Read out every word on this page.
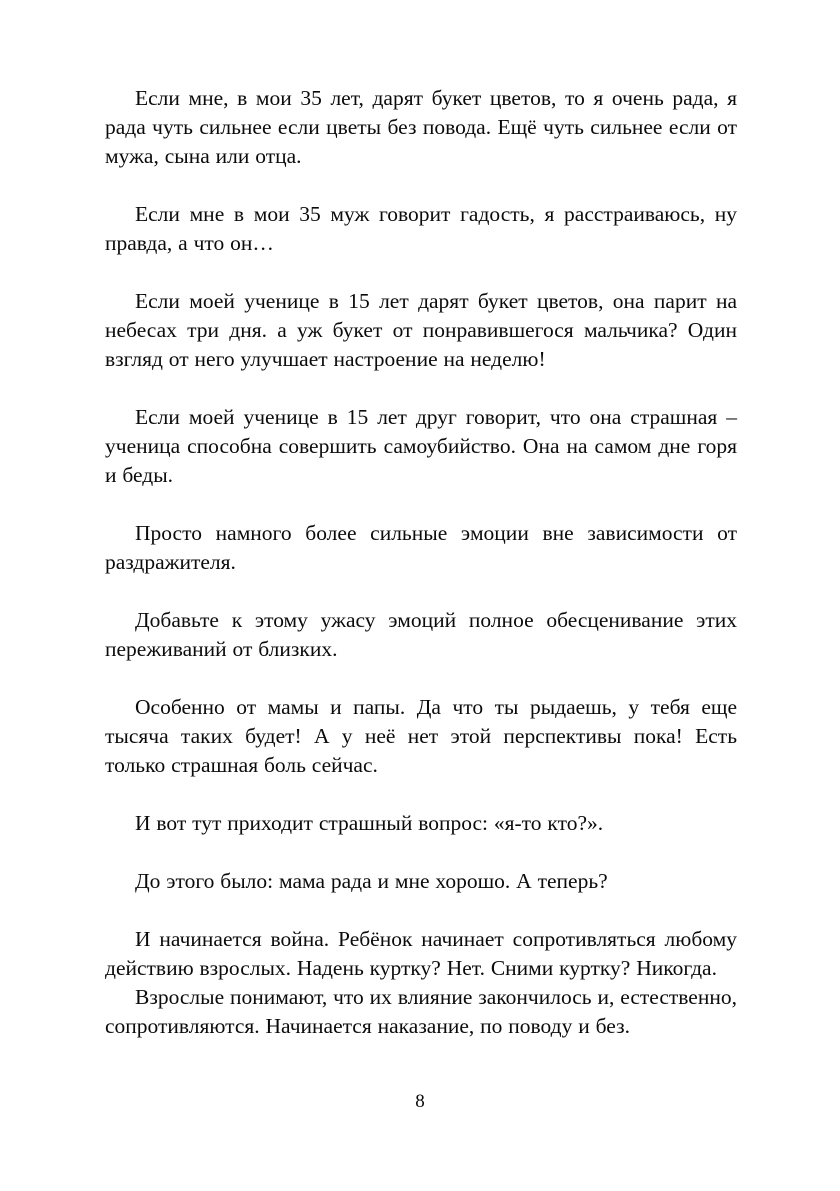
Если мне, в мои 35 лет, дарят букет цветов, то я очень рада, я рада чуть сильнее если цветы без повода. Ещё чуть сильнее если от мужа, сына или отца.

Если мне в мои 35 муж говорит гадость, я расстраиваюсь, ну правда, а что он…

Если моей ученице в 15 лет дарят букет цветов, она парит на небесах три дня. а уж букет от понравившегося мальчика? Один взгляд от него улучшает настроение на неделю!

Если моей ученице в 15 лет друг говорит, что она страшная – ученица способна совершить самоубийство. Она на самом дне горя и беды.

Просто намного более сильные эмоции вне зависимости от раздражителя.

Добавьте к этому ужасу эмоций полное обесценивание этих переживаний от близких.

Особенно от мамы и папы. Да что ты рыдаешь, у тебя еще тысяча таких будет! А у неё нет этой перспективы пока! Есть только страшная боль сейчас.

И вот тут приходит страшный вопрос: «я-то кто?».

До этого было: мама рада и мне хорошо. А теперь?

И начинается война. Ребёнок начинает сопротивляться любому действию взрослых. Надень куртку? Нет. Сними куртку? Никогда.

Взрослые понимают, что их влияние закончилось и, естественно, сопротивляются. Начинается наказание, по поводу и без.

8
